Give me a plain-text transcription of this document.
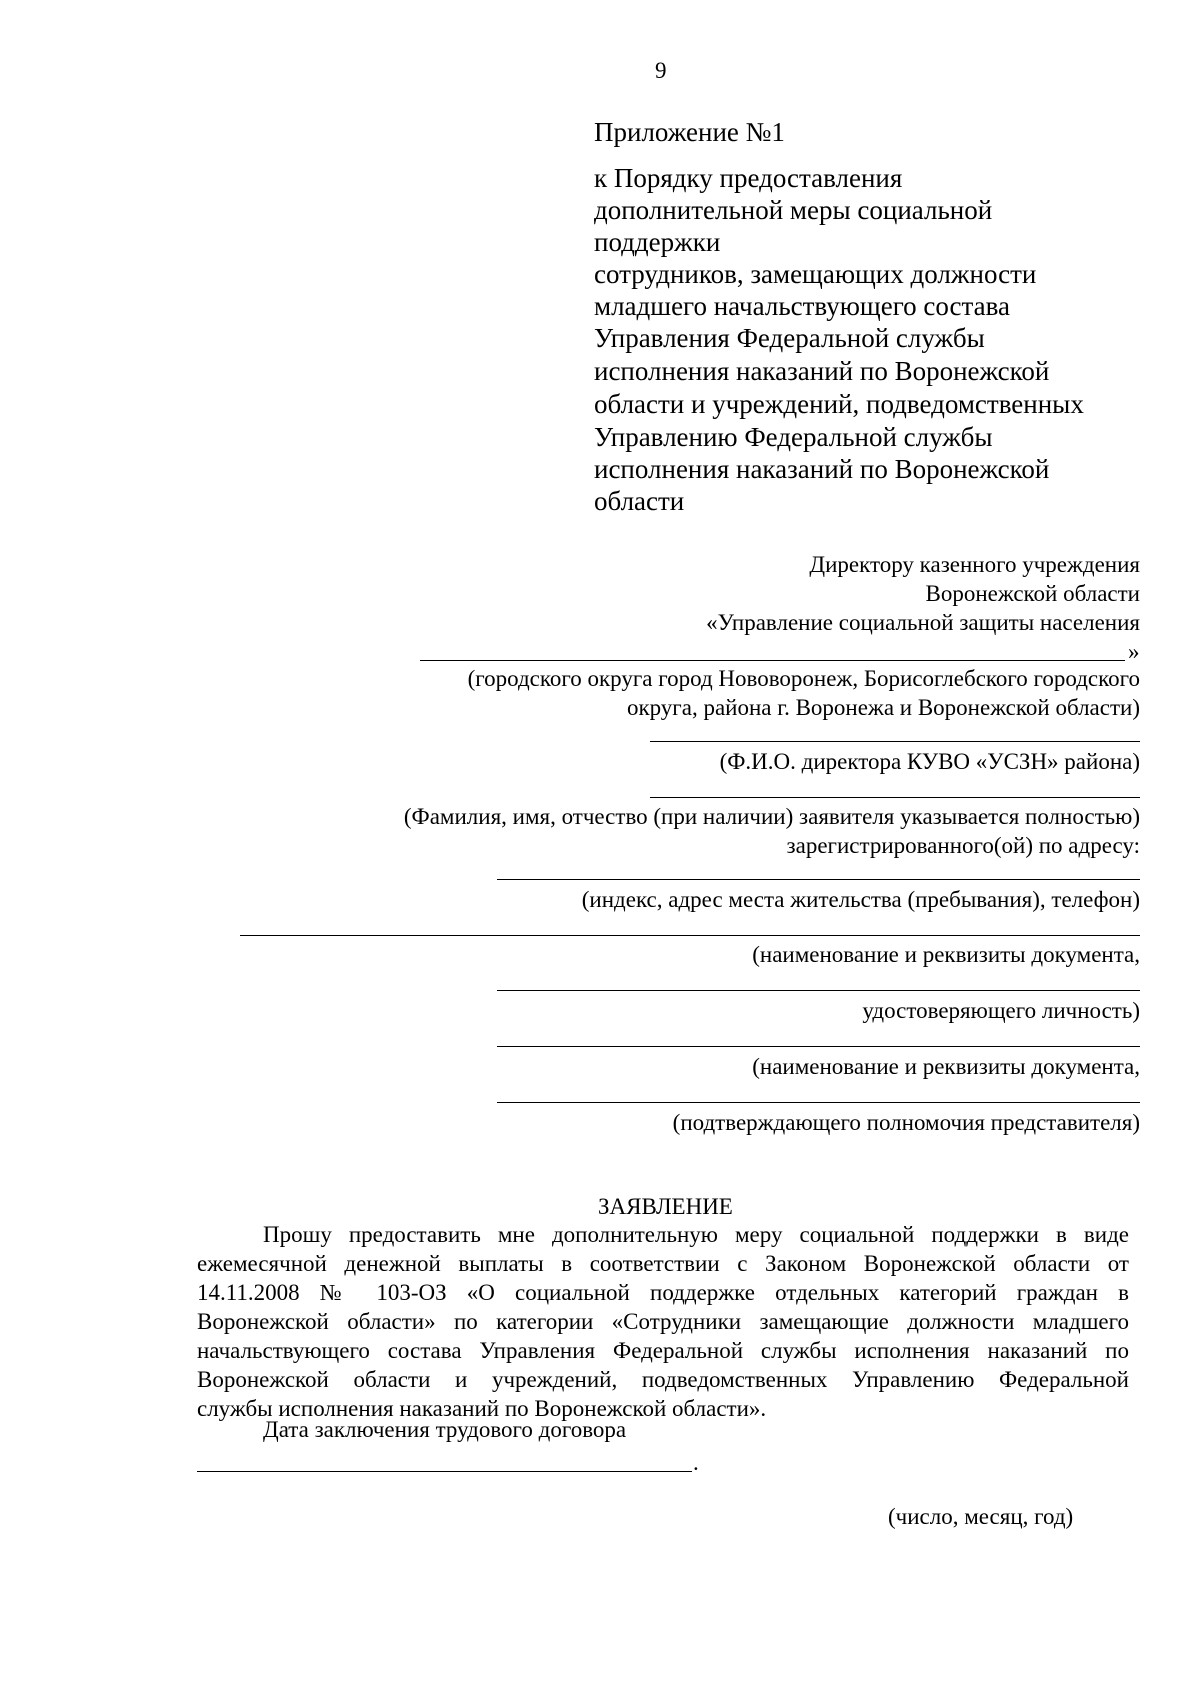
9
Приложение №1
к Порядку предоставления
дополнительной меры социальной
поддержки
сотрудников, замещающих должности
младшего начальствующего состава
Управления Федеральной службы
исполнения наказаний по Воронежской
области и учреждений, подведомственных
Управлению Федеральной службы
исполнения наказаний по Воронежской
области
Директору казенного учреждения
Воронежской области
«Управление социальной защиты населения
»
(городского округа город Нововоронеж, Борисоглебского городского
округа, района г. Воронежа и Воронежской области)
(Ф.И.О. директора КУВО «УСЗН» района)
(Фамилия, имя, отчество (при наличии) заявителя указывается полностью)
зарегистрированного(ой) по адресу:
(индекс, адрес места жительства (пребывания), телефон)
(наименование и реквизиты документа,
удостоверяющего личность)
(наименование и реквизиты документа,
(подтверждающего полномочия представителя)
ЗАЯВЛЕНИЕ
Прошу предоставить мне дополнительную меру социальной поддержки в виде
ежемесячной денежной выплаты в соответствии с Законом Воронежской области от
14.11.2008 № 103-ОЗ «О социальной поддержке отдельных категорий граждан в
Воронежской области» по категории «Сотрудники замещающие должности младшего
начальствующего состава Управления Федеральной службы исполнения наказаний по
Воронежской области и учреждений, подведомственных Управлению Федеральной
службы исполнения наказаний по Воронежской области».
Дата заключения трудового договора
.
(число, месяц, год)
